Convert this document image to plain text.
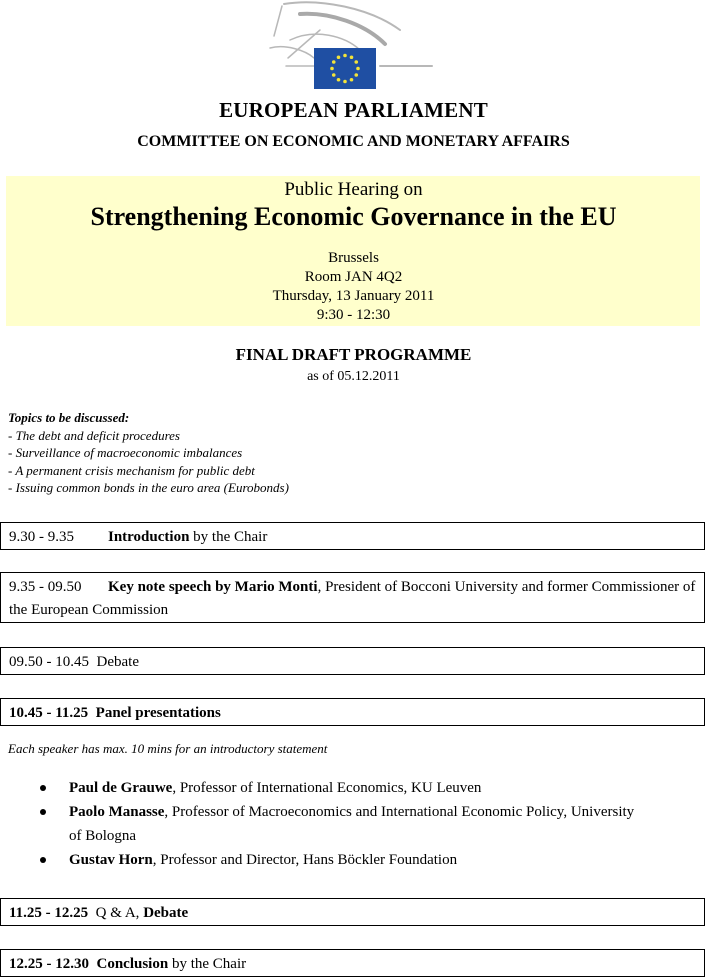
EUROPEAN PARLIAMENT
COMMITTEE ON ECONOMIC AND MONETARY AFFAIRS
Public Hearing on
Strengthening Economic Governance in the EU
Brussels
Room JAN 4Q2
Thursday, 13 January 2011
9:30 - 12:30
FINAL DRAFT PROGRAMME
as of 05.12.2011
Topics to be discussed:
- The debt and deficit procedures
- Surveillance of macroeconomic imbalances
- A permanent crisis mechanism for public debt
- Issuing common bonds in the euro area (Eurobonds)
9.30 - 9.35 Introduction by the Chair
9.35 - 09.50 Key note speech by Mario Monti, President of Bocconi University and former Commissioner of the European Commission
09.50 - 10.45 Debate
10.45 - 11.25 Panel presentations
Each speaker has max. 10 mins for an introductory statement
Paul de Grauwe, Professor of International Economics, KU Leuven
Paolo Manasse, Professor of Macroeconomics and International Economic Policy, University of Bologna
Gustav Horn, Professor and Director, Hans Böckler Foundation
11.25 - 12.25 Q & A, Debate
12.25 - 12.30 Conclusion by the Chair
